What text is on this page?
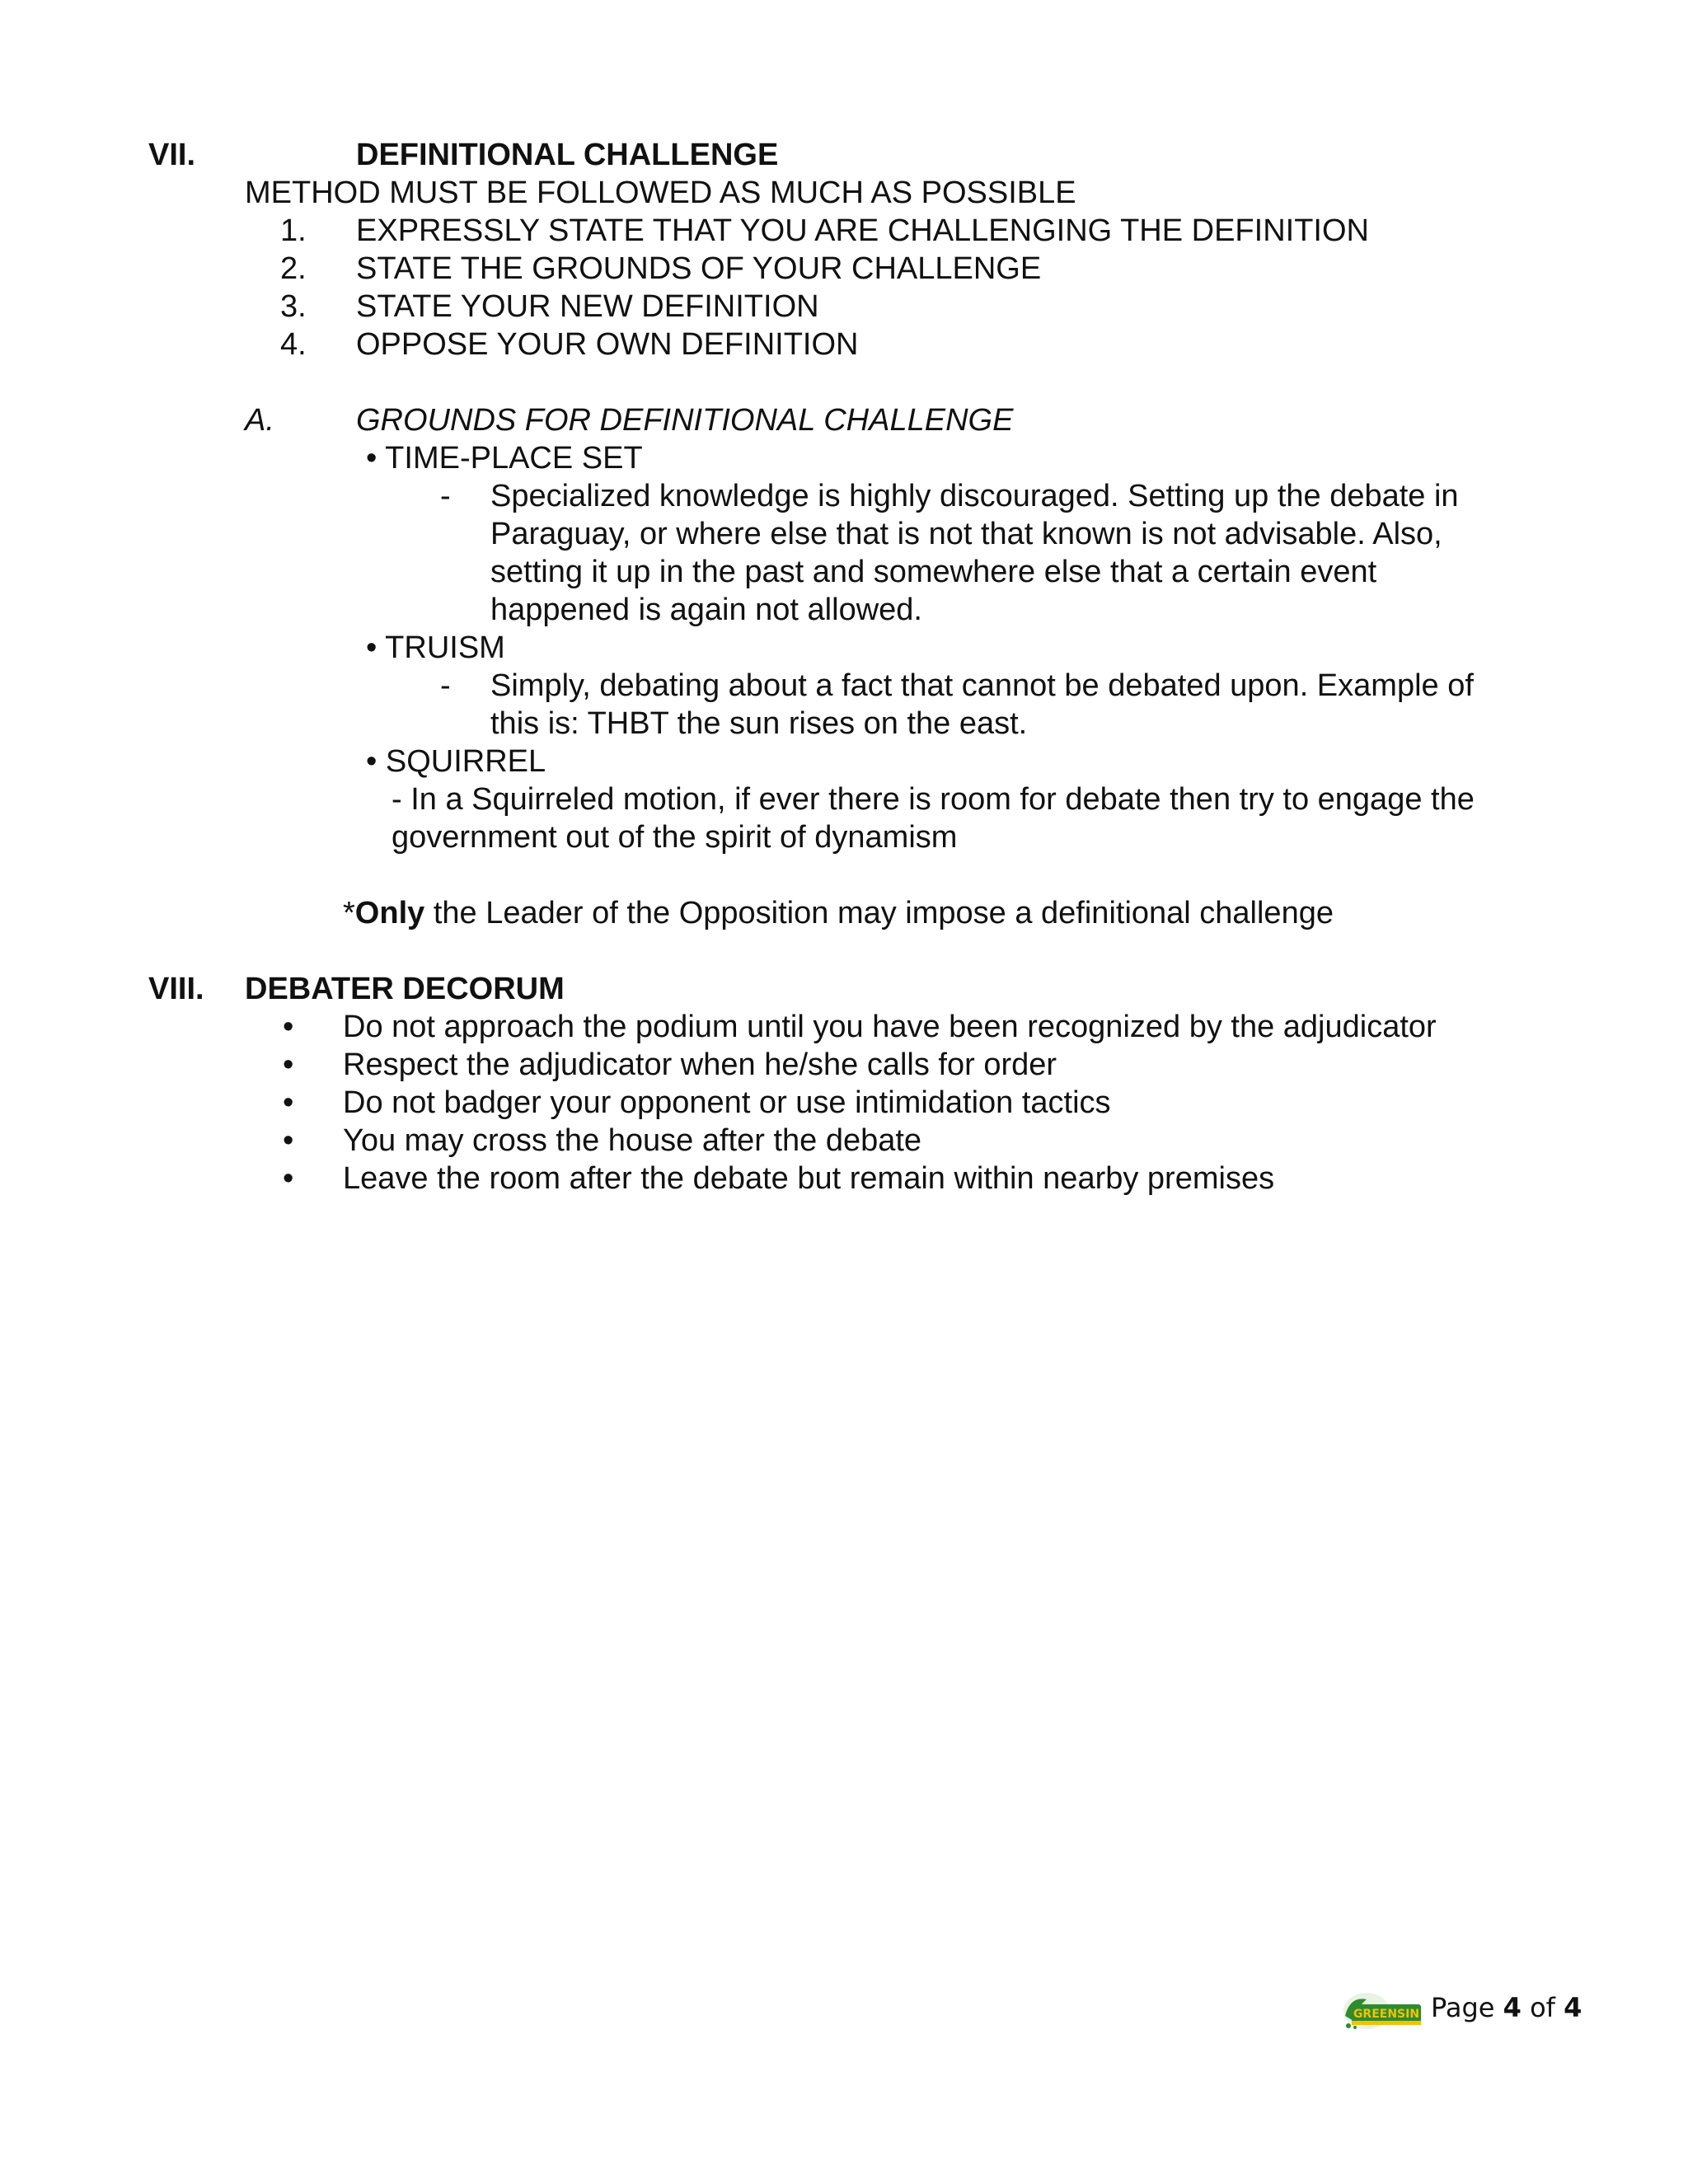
VII.	DEFINITIONAL CHALLENGE
METHOD MUST BE FOLLOWED AS MUCH AS POSSIBLE
1. EXPRESSLY STATE THAT YOU ARE CHALLENGING THE DEFINITION
2. STATE THE GROUNDS OF YOUR CHALLENGE
3. STATE YOUR NEW DEFINITION
4. OPPOSE YOUR OWN DEFINITION
A.	GROUNDS FOR DEFINITIONAL CHALLENGE
• TIME-PLACE SET
- Specialized knowledge is highly discouraged. Setting up the debate in
Paraguay, or where else that is not that known is not advisable. Also,
setting it up in the past and somewhere else that a certain event
happened is again not allowed.
• TRUISM
- Simply, debating about a fact that cannot be debated upon. Example of
this is: THBT the sun rises on the east.
• SQUIRREL
- In a Squirreled motion, if ever there is room for debate then try to engage the
government out of the spirit of dynamism
*Only the Leader of the Opposition may impose a definitional challenge
VIII. DEBATER DECORUM
• Do not approach the podium until you have been recognized by the adjudicator
• Respect the adjudicator when he/she calls for order
• Do not badger your opponent or use intimidation tactics
• You may cross the house after the debate
• Leave the room after the debate but remain within nearby premises
GREENSIN Page 4 of 4
